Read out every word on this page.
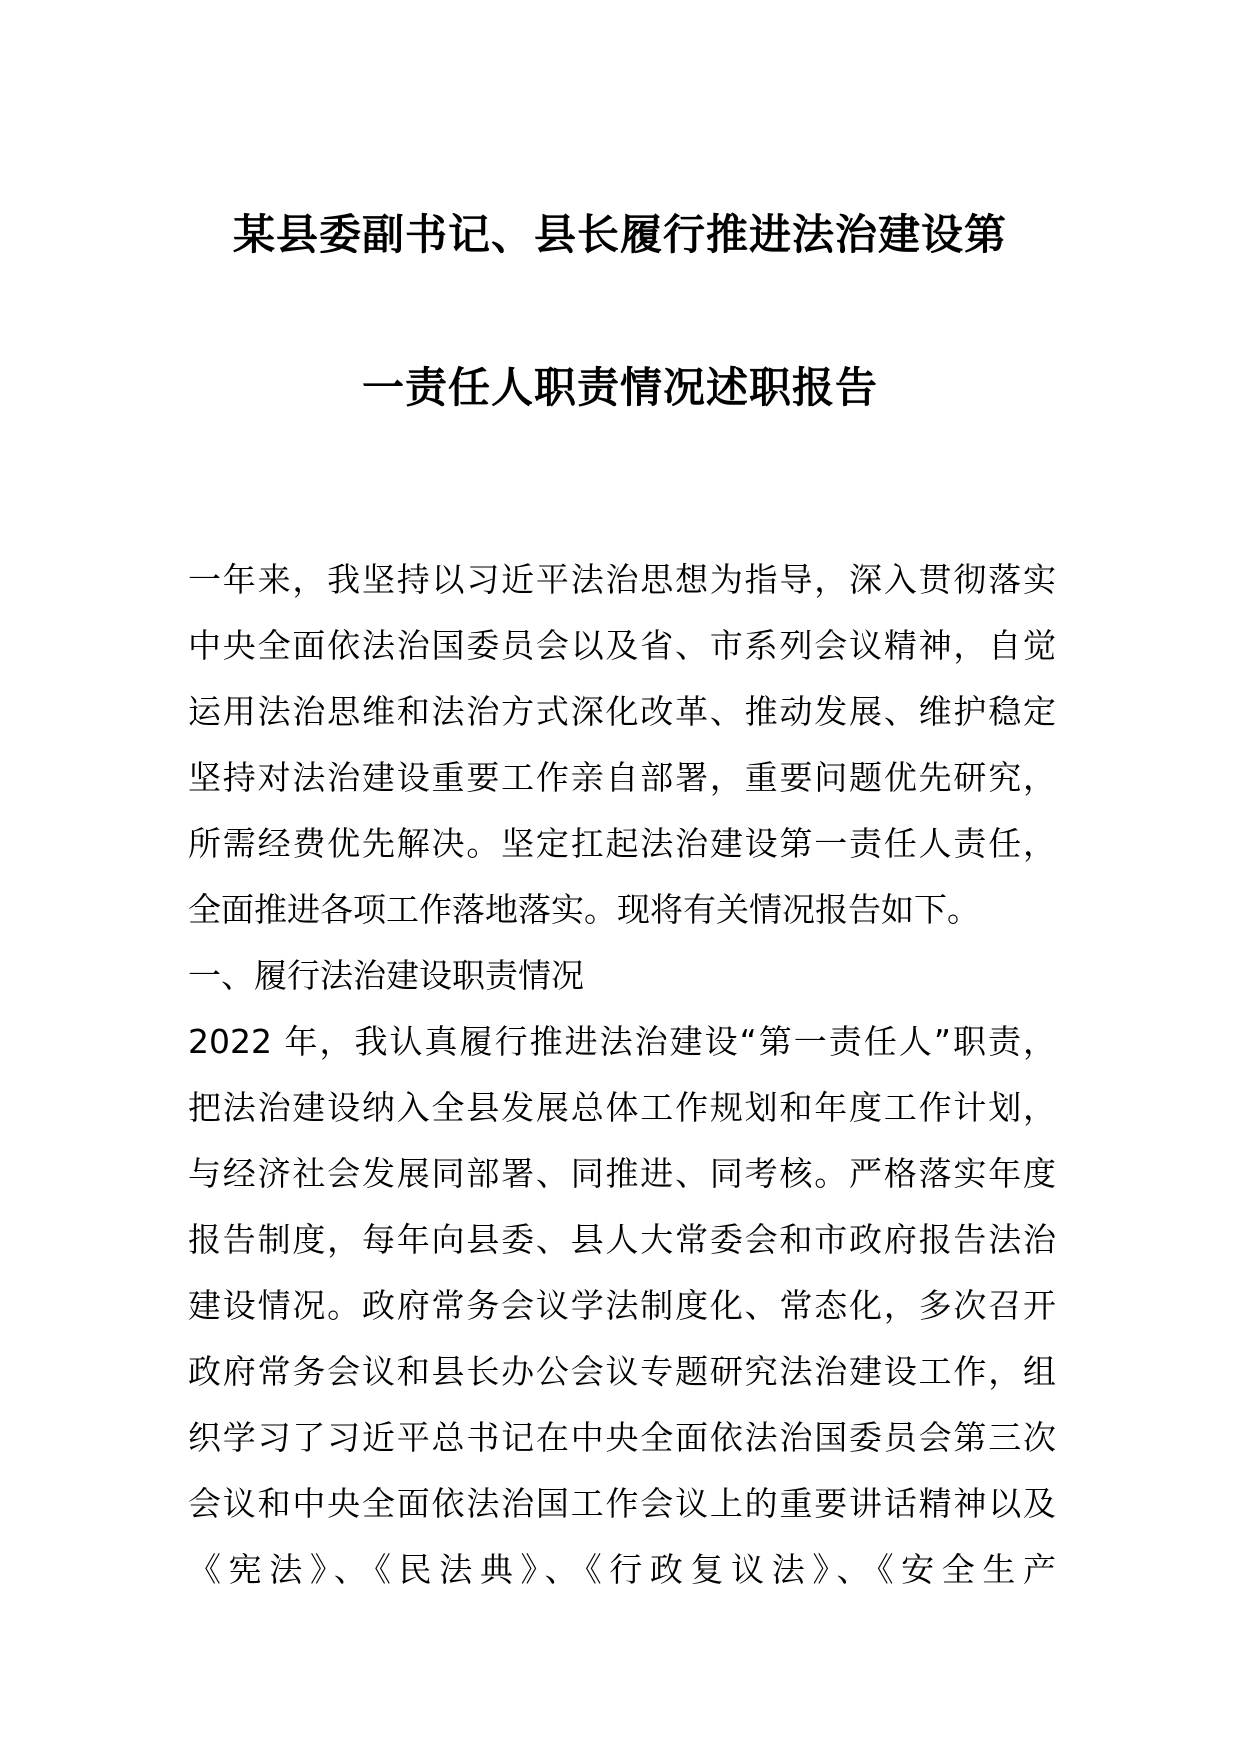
某县委副书记、县长履行推进法治建设第
一责任人职责情况述职报告
一年来，我坚持以习近平法治思想为指导，深入贯彻落实
中央全面依法治国委员会以及省、市系列会议精神，自觉
运用法治思维和法治方式深化改革、推动发展、维护稳定
坚持对法治建设重要工作亲自部署，重要问题优先研究，
所需经费优先解决。坚定扛起法治建设第一责任人责任，
全面推进各项工作落地落实。现将有关情况报告如下。
一、履行法治建设职责情况
2022 年，我认真履行推进法治建设“第一责任人”职责，
把法治建设纳入全县发展总体工作规划和年度工作计划，
与经济社会发展同部署、同推进、同考核。严格落实年度
报告制度，每年向县委、县人大常委会和市政府报告法治
建设情况。政府常务会议学法制度化、常态化，多次召开
政府常务会议和县长办公会议专题研究法治建设工作，组
织学习了习近平总书记在中央全面依法治国委员会第三次
会议和中央全面依法治国工作会议上的重要讲话精神以及
《宪法》、《民法典》、《行政复议法》、《安全生产
